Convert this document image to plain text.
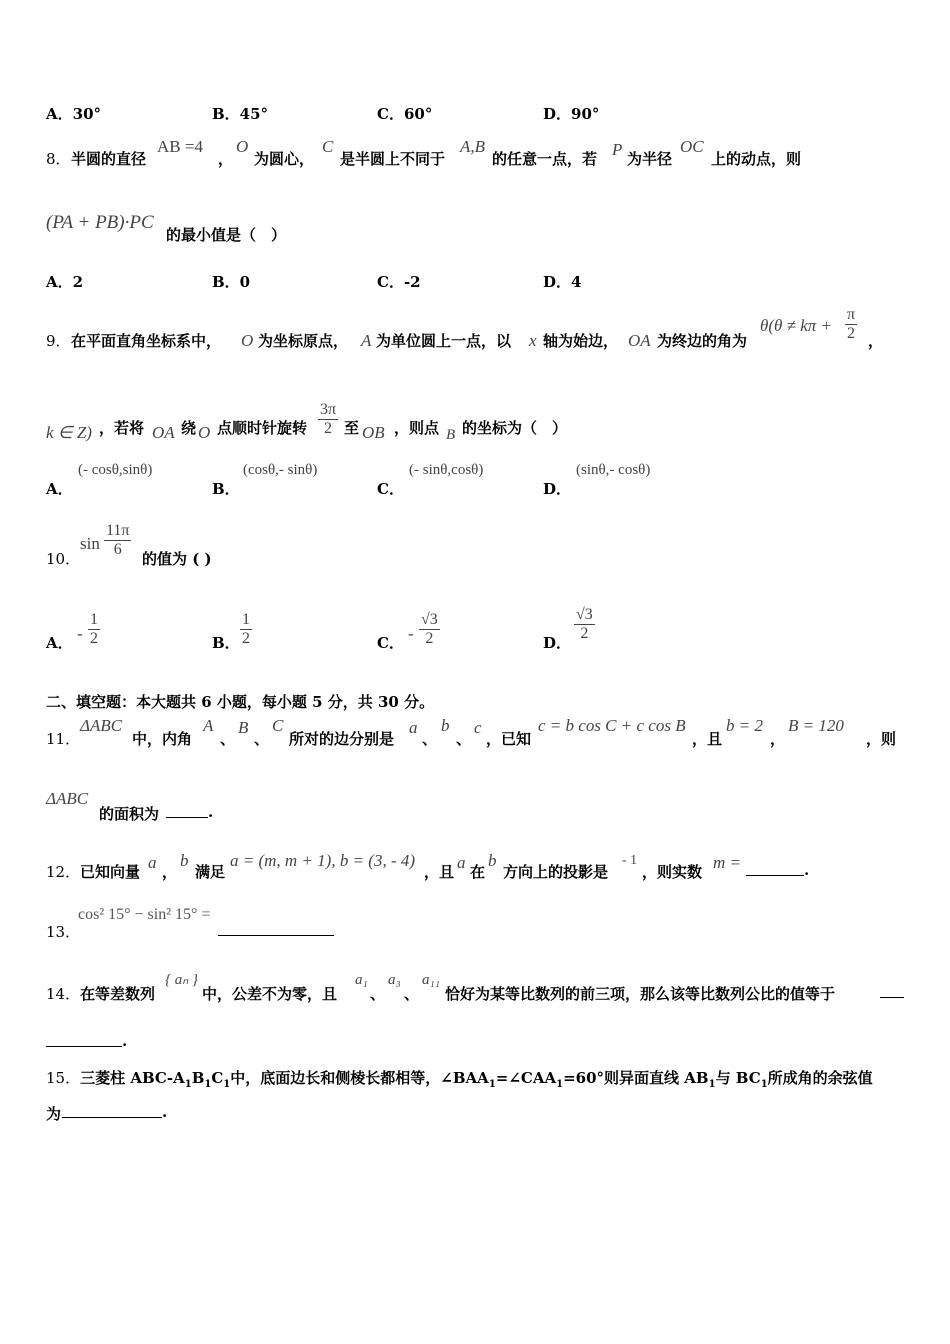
A．30°	B．45°	C．60°	D．90°
8． 半圆的直径
AB =4
，
O
为圆心，
C
是半圆上不同于
A,B
的任意一点，若 P 为半径
OC
上的动点，则
(PA + PB)·PC
的最小值是（　）
A．2	B．0	C．-2	D．4
9． 在平面直角坐标系中， O 为坐标原点， A 为单位圆上一点，以 x 轴为始边， OA 为终边的角为
$\theta(\theta \ne k\pi + \frac{\pi}{2}$ ，
k ∈ Z) ，若将 OA 绕 O 点顺时针旋转 $\frac{3\pi}{2}$ 至 OB ，则点 B 的坐标为（　）
A．
(- cosθ,sinθ)
B．
(cosθ,- sinθ)
C．
(- sinθ,cosθ)
D．
(sinθ,- cosθ)
10．
$\sin \frac{11\pi}{6}$
的值为 ( )
A． - $\frac{1}{2}$	B． $\frac{1}{2}$	C． - $\frac{√3}{2}$	D．
$\frac{√3}{2}$
二、填空题：本大题共 6 小题，每小题 5 分，共 30 分。
11．
ΔABC
中，内角
A
、
B
、
C
所对的边分别是
a
、
b
、
c
，已知
c = b cos C + c cos B
，且
b = 2
，
B = 120
，则
ΔABC
的面积为	.
12． 已知向量 a ，
b
满足
a = (m, m + 1), b = (3, - 4)
，且 a 在
b
方向上的投影是
- 1
，则实数 m =	.
13．
cos² 15° − sin² 15° =
14． 在等差数列
{ aₙ }
中，公差不为零，且
a₁
、
a₃
、
a₁₁
恰好为某等比数列的前三项，那么该等比数列公比的值等于
.
15．三菱柱 ABC-$A_1B_1C_1$中，底面边长和侧棱长都相等，$\angle BAA_1=\angle CAA_1=60^\circ$则异面直线 $AB_1$与 $BC_1$所成角的余弦值
为	.
